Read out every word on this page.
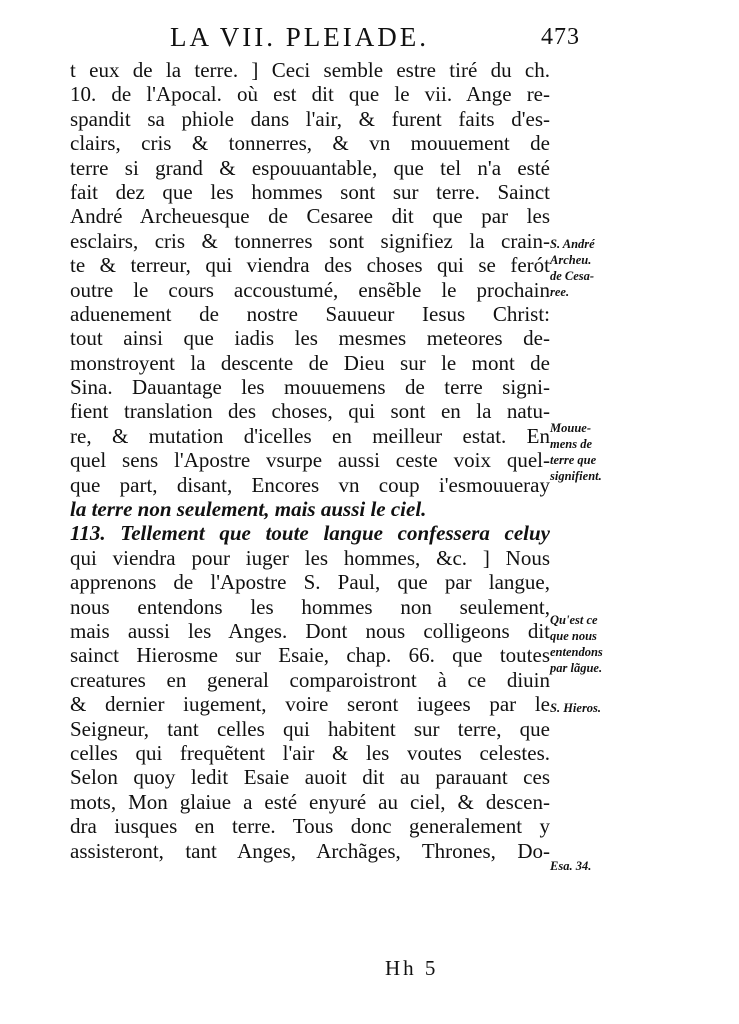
LA VII. PLEIADE.	473
t eux de la terre. ] Ceci semble estre tiré du ch.
10. de l'Apocal. où est dit que le vii. Ange re-
spandit sa phiole dans l'air, & furent faits d'es-
clairs, cris & tonnerres, & vn mouuement de
terre si grand & espouuantable, que tel n'a esté
fait dez que les hommes sont sur terre. Sainct
André Archeuesque de Cesaree dit que par les
esclairs, cris & tonnerres sont signifiez la crain-
te & terreur, qui viendra des choses qui se ferót
outre le cours accoustumé, ensẽble le prochain
aduenement de nostre Sauueur Iesus Christ:
tout ainsi que iadis les mesmes meteores de-
monstroyent la descente de Dieu sur le mont de
Sina. Dauantage les mouuemens de terre signi-
fient translation des choses, qui sont en la natu-
re, & mutation d'icelles en meilleur estat. En
quel sens l'Apostre vsurpe aussi ceste voix quel-
que part, disant, Encores vn coup i'esmouueray
la terre non seulement, mais aussi le ciel.
113. Tellement que toute langue confessera celuy
qui viendra pour iuger les hommes, &c. ] Nous
apprenons de l'Apostre S. Paul, que par langue,
nous entendons les hommes non seulement,
mais aussi les Anges. Dont nous colligeons dit
sainct Hierosme sur Esaie, chap. 66. que toutes
creatures en general comparoistront à ce diuin
& dernier iugement, voire seront iugees par le
Seigneur, tant celles qui habitent sur terre, que
celles qui frequẽtent l'air & les voutes celestes.
Selon quoy ledit Esaie auoit dit au parauant ces
mots, Mon glaiue a esté enyuré au ciel, & descen-
dra iusques en terre. Tous donc generalement y
assisteront, tant Anges, Archãges, Thrones, Do-
S. André
Archeu.
de Cesa-
ree.
Mouue-
mens de
terre que
signifient.
Qu'est ce
que nous
entendons
par lãgue.
S. Hieros.
Esa. 34.
Hh 5
